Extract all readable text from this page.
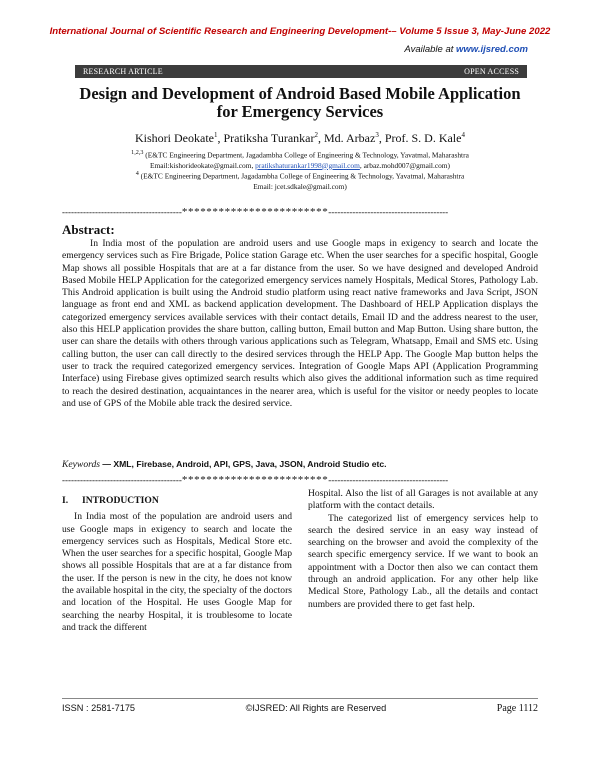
International Journal of Scientific Research and Engineering Development-– Volume 5 Issue 3, May-June 2022
Available at www.ijsred.com
RESEARCH ARTICLE	OPEN ACCESS
Design and Development of Android Based Mobile Application
for Emergency Services
Kishori Deokate$^1$, Pratiksha Turankar$^2$, Md. Arbaz$^3$, Prof. S. D. Kale$^4$
$^{1,2,3}$ (E&TC Engineering Department, Jagadambha College of Engineering & Technology, Yavatmal, Maharashtra
Email:kishorideokate@gmail.com, pratikshaturankar1998@gmail.com, arbaz.mohd007@gmail.com)
$^4$ (E&TC Engineering Department, Jagadambha College of Engineering & Technology, Yavatmal, Maharashtra
Email: jcet.sdkale@gmail.com)
----------------------------------------************************----------------------------------------
Abstract:

In India most of the population are android users and use Google maps in exigency to search and locate the emergency services such as Fire Brigade, Police station Garage etc. When the user searches for a specific hospital, Google Map shows all possible Hospitals that are at a far distance from the user. So we have designed and developed Android Based Mobile HELP Application for the categorized emergency services namely Hospitals, Medical Stores, Pathology Lab. This Android application is built using the Android studio platform using react native frameworks and Java Script, JSON language as front end and XML as backend application development. The Dashboard of HELP Application displays the categorized emergency services available services with their contact details, Email ID and the address nearest to the user, also this HELP application provides the share button, calling button, Email button and Map Button. Using share button, the user can share the details with others through various applications such as Telegram, Whatsapp, Email and SMS etc. Using calling button, the user can call directly to the desired services through the HELP App. The Google Map button helps the user to track the required categorized emergency services. Integration of Google Maps API (Application Programming Interface) using Firebase gives optimized search results which also gives the additional information such as time required to reach the desired destination, acquaintances in the nearer area, which is useful for the visitor or needy peoples to locate and use of GPS of the Mobile able track the desired service.

Keywords — XML, Firebase, Android, API, GPS, Java, JSON, Android Studio etc.
----------------------------------------************************----------------------------------------

I. INTRODUCTION

In India most of the population are android users and use Google maps in exigency to search and locate the emergency services such as Hospitals, Medical Store etc. When the user searches for a specific hospital, Google Map shows all possible Hospitals that are at a far distance from the user. If the person is new in the city, he does not know the available hospital in the city, the specialty of the doctors and location of the Hospital. He uses Google Map for searching the nearby Hospital, it is troublesome to locate and track the different

Hospital. Also the list of all Garages is not available at any platform with the contact details.

The categorized list of emergency services help to search the desired service in an easy way instead of searching on the browser and avoid the complexity of the search specific emergency service. If we want to book an appointment with a Doctor then also we can contact them through an android application. For any other help like Medical Store, Pathology Lab., all the details and contact numbers are provided there to get fast help.

ISSN : 2581-7175	©IJSRED: All Rights are Reserved	Page 1112
